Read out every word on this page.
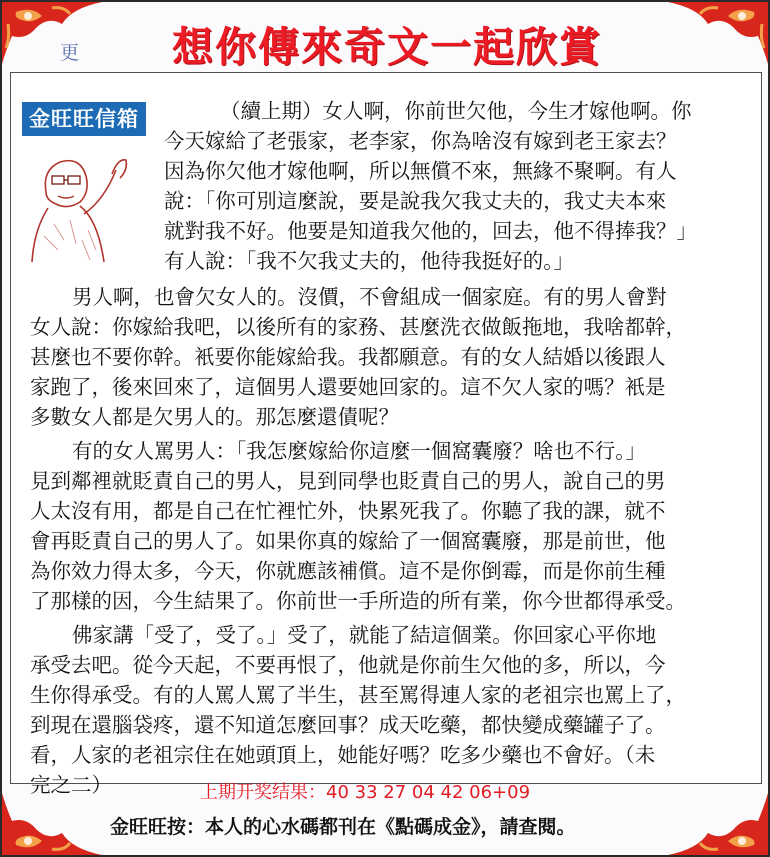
更	想你傳來奇文一起欣賞
金旺旺信箱	（續上期）女人啊，你前世欠他，今生才嫁他啊。你
今天嫁給了老張家，老李家，你為啥沒有嫁到老王家去？
因為你欠他才嫁他啊，所以無償不來，無緣不聚啊。有人
說：「你可別這麼說，要是說我欠我丈夫的，我丈夫本來
就對我不好。他要是知道我欠他的，回去，他不得捧我？」
有人說：「我不欠我丈夫的，他待我挺好的。」
男人啊，也會欠女人的。沒價，不會組成一個家庭。有的男人會對
女人說：你嫁給我吧，以後所有的家務、甚麼洗衣做飯拖地，我啥都幹，
甚麼也不要你幹。衹要你能嫁給我。我都願意。有的女人結婚以後跟人
家跑了，後來回來了，這個男人還要她回家的。這不欠人家的嗎？衹是
多數女人都是欠男人的。那怎麼還債呢？
有的女人罵男人：「我怎麼嫁給你這麼一個窩囊廢？啥也不行。」
見到鄰裡就貶責自己的男人，見到同學也貶責自己的男人，說自己的男
人太沒有用，都是自己在忙裡忙外，快累死我了。你聽了我的課，就不
會再貶責自己的男人了。如果你真的嫁給了一個窩囊廢，那是前世，他
為你效力得太多，今天，你就應該補償。這不是你倒霉，而是你前生種
了那樣的因，今生結果了。你前世一手所造的所有業，你今世都得承受。
佛家講「受了，受了。」受了，就能了結這個業。你回家心平你地
承受去吧。從今天起，不要再恨了，他就是你前生欠他的多，所以，今
生你得承受。有的人罵人罵了半生，甚至罵得連人家的老祖宗也罵上了，
到現在還腦袋疼，還不知道怎麼回事？成天吃藥，都快變成藥罐子了。
看，人家的老祖宗住在她頭頂上，她能好嗎？吃多少藥也不會好。（未
完之二）	上期开奖结果：40 33 27 04 42 06+09
金旺旺按：本人的心水碼都刊在《點碼成金》，請查閱。
